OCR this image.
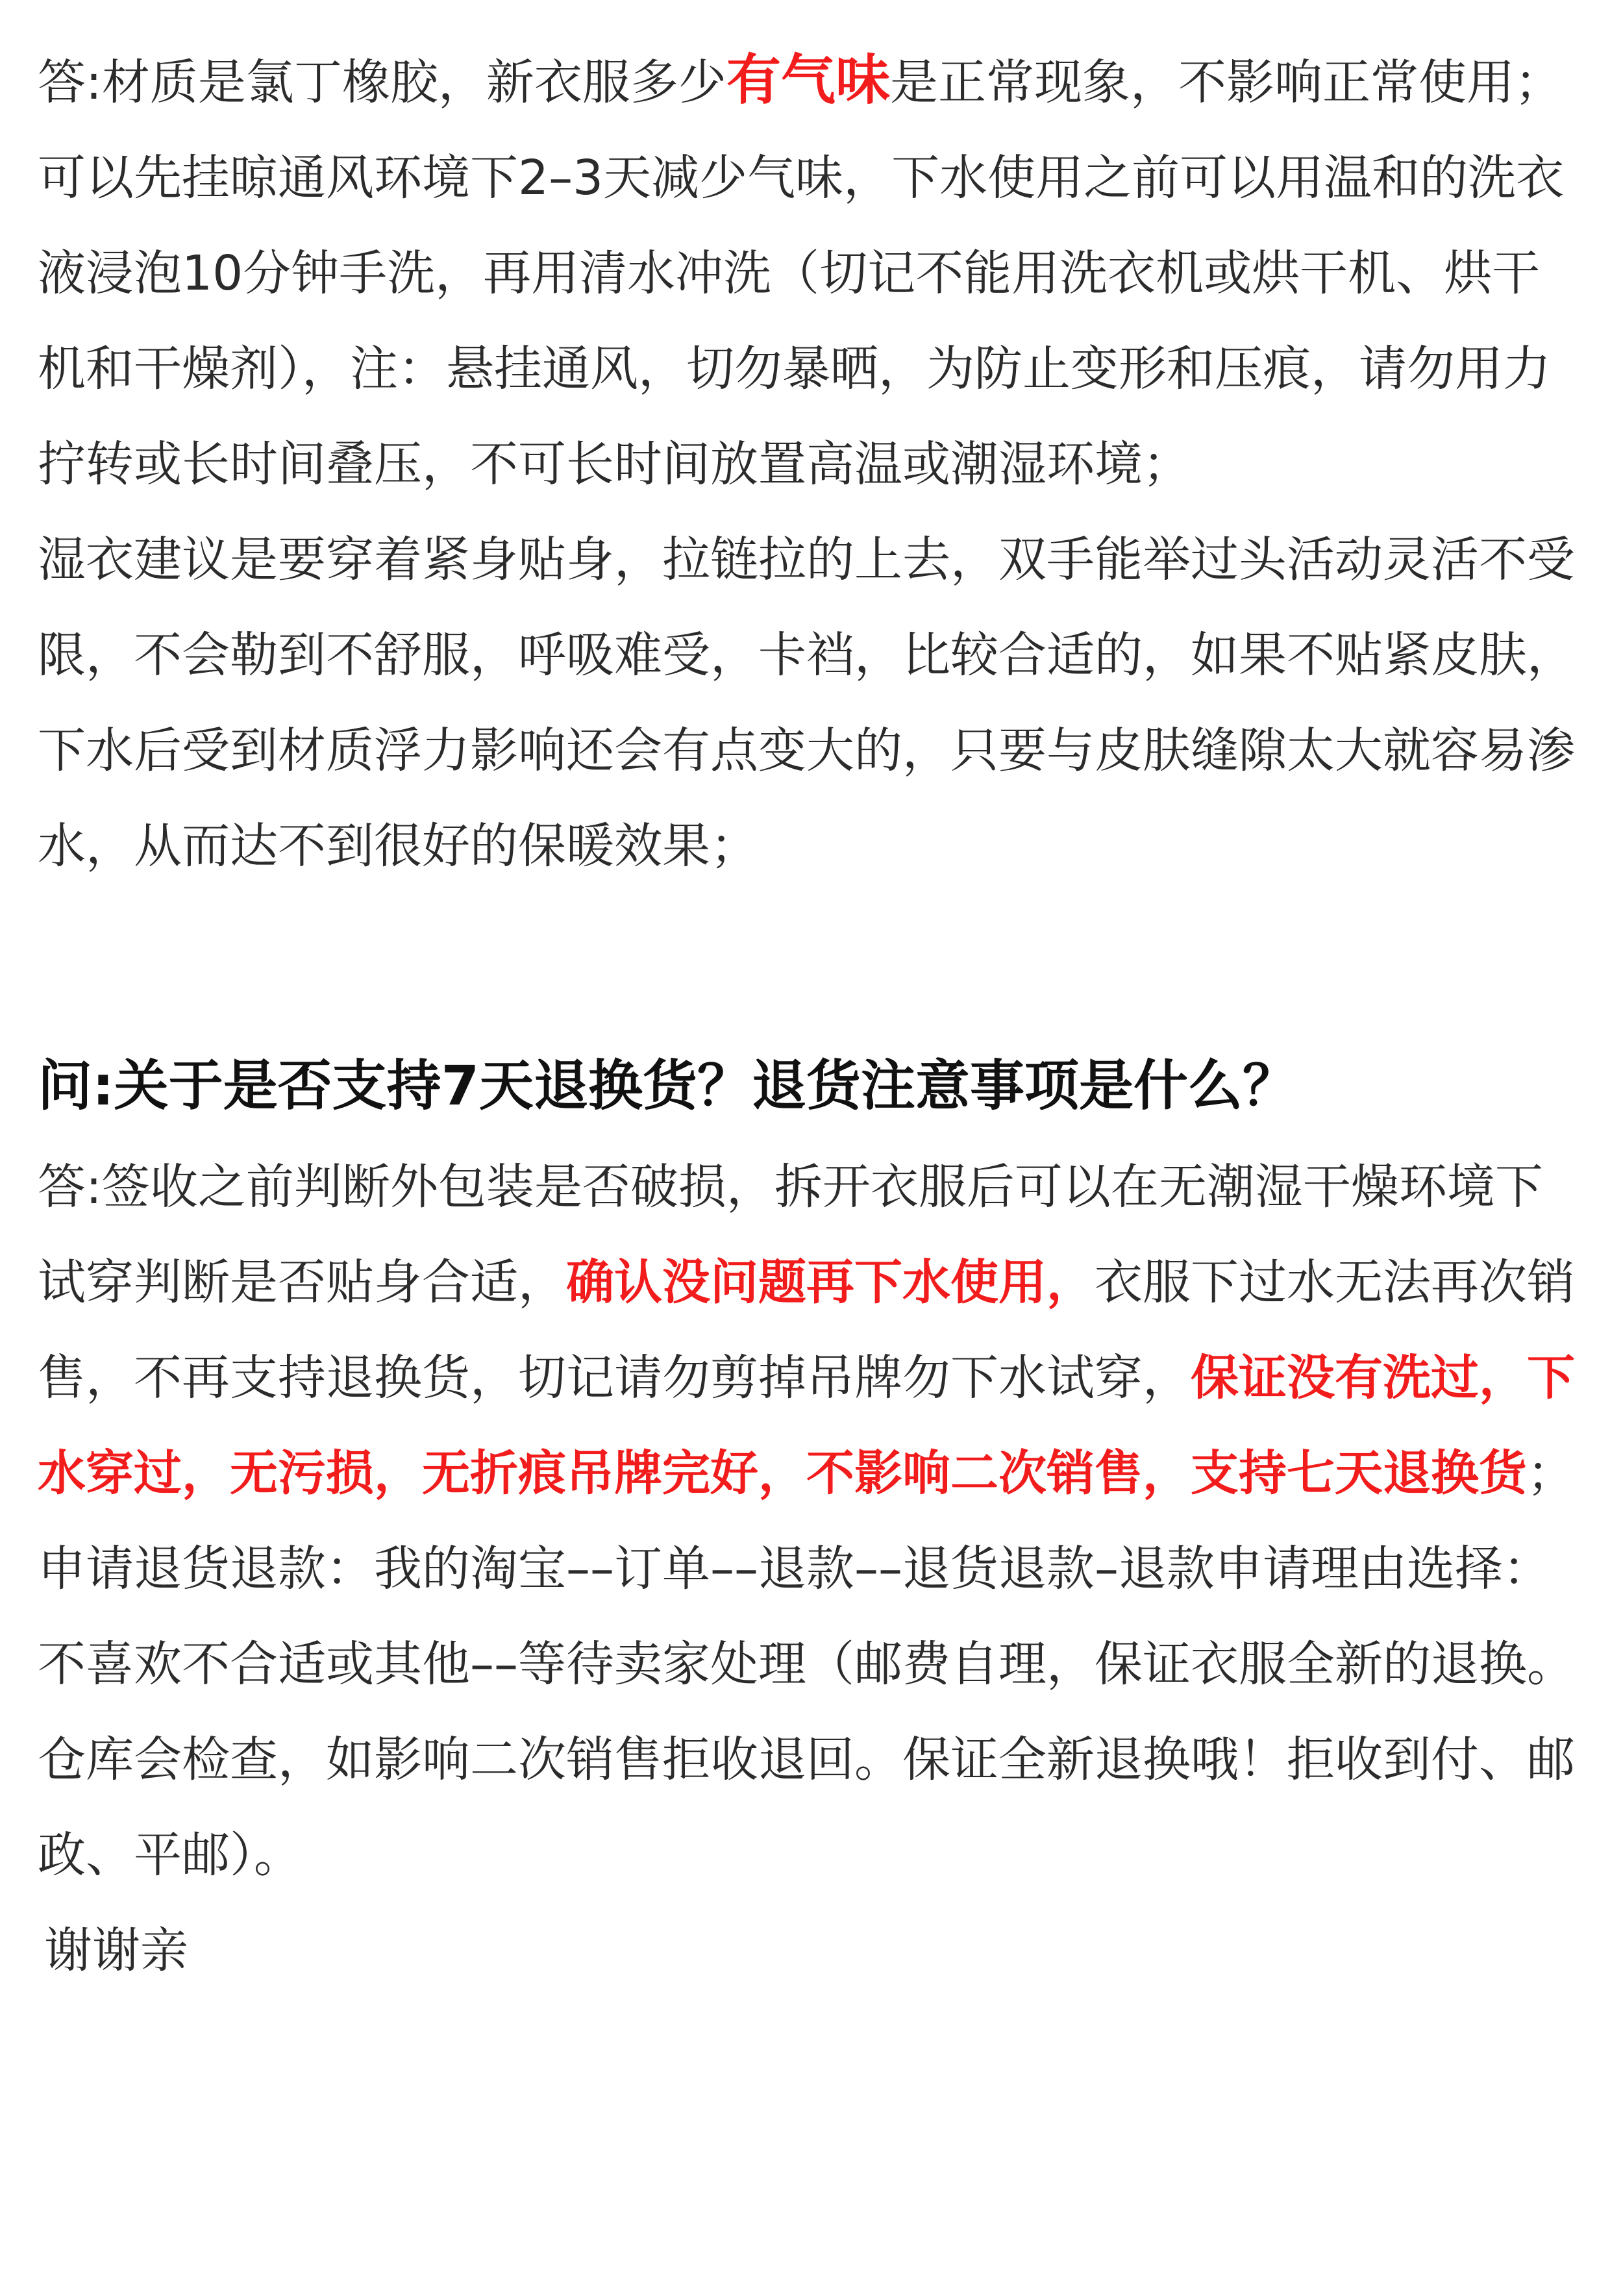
答:材质是氯丁橡胶，新衣服多少有气味是正常现象，不影响正常使用；可以先挂晾通风环境下2–3天减少气味，下水使用之前可以用温和的洗衣液浸泡10分钟手洗，再用清水冲洗（切记不能用洗衣机或烘干机、烘干机和干燥剂），注：悬挂通风，切勿暴晒，为防止变形和压痕，请勿用力拧转或长时间叠压，不可长时间放置高温或潮湿环境；

湿衣建议是要穿着紧身贴身，拉链拉的上去，双手能举过头活动灵活不受限，不会勒到不舒服，呼吸难受，卡裆，比较合适的，如果不贴紧皮肤，下水后受到材质浮力影响还会有点变大的，只要与皮肤缝隙太大就容易渗水，从而达不到很好的保暖效果；

问:关于是否支持7天退换货？退货注意事项是什么？

答:签收之前判断外包装是否破损，拆开衣服后可以在无潮湿干燥环境下试穿判断是否贴身合适，确认没问题再下水使用，衣服下过水无法再次销售，不再支持退换货，切记请勿剪掉吊牌勿下水试穿，保证没有洗过，下水穿过，无污损，无折痕吊牌完好，不影响二次销售，支持七天退换货；申请退货退款：我的淘宝––订单––退款––退货退款–退款申请理由选择：不喜欢不合适或其他––等待卖家处理（邮费自理，保证衣服全新的退换。仓库会检查，如影响二次销售拒收退回。保证全新退换哦！拒收到付、邮政、平邮）。

谢谢亲
